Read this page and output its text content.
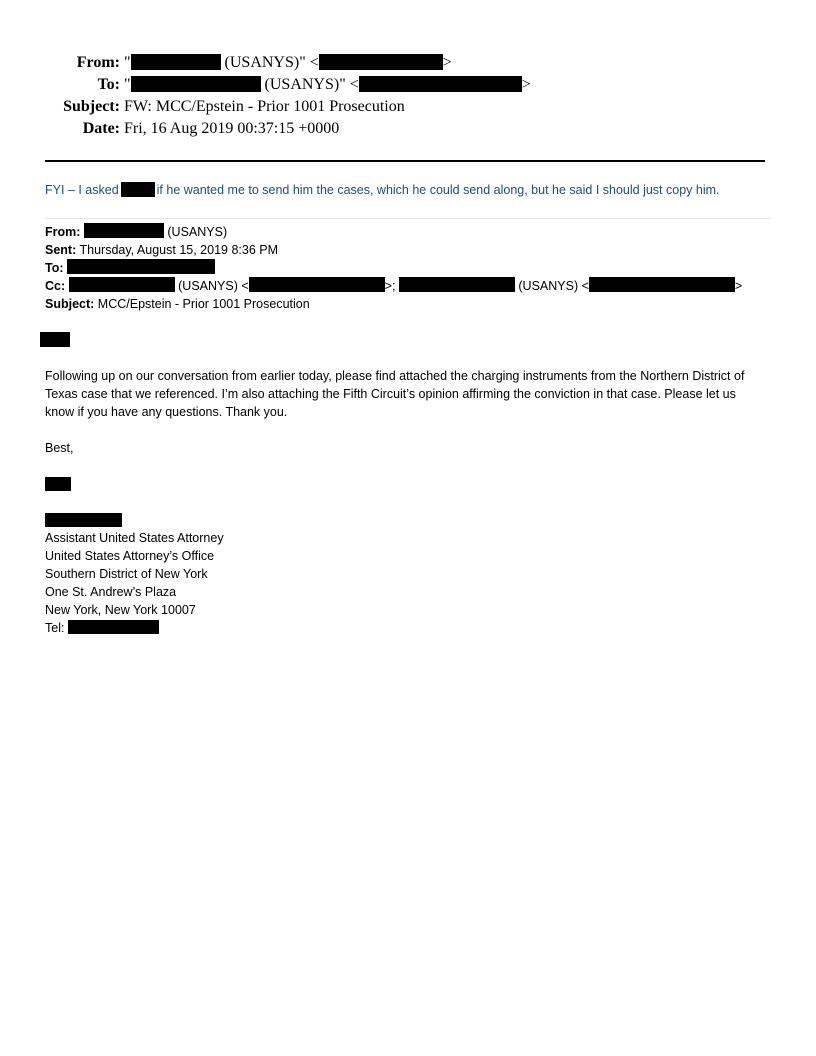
From: "	(USANYS)" <	>
To: "	(USANYS)" <	>
Subject: FW: MCC/Epstein - Prior 1001 Prosecution
Date: Fri, 16 Aug 2019 00:37:15 +0000
FYI – I asked	if he wanted me to send him the cases, which he could send along, but he said I should just copy him.
From:	(USANYS)
Sent: Thursday, August 15, 2019 8:36 PM
To:
Cc:	(USANYS) <	>;	(USANYS) <	>
Subject: MCC/Epstein - Prior 1001 Prosecution
Following up on our conversation from earlier today, please find attached the charging instruments from the Northern District of Texas case that we referenced. I’m also attaching the Fifth Circuit’s opinion affirming the conviction in that case. Please let us know if you have any questions. Thank you.
Best,
Assistant United States Attorney
United States Attorney’s Office
Southern District of New York
One St. Andrew’s Plaza
New York, New York 10007
Tel:
